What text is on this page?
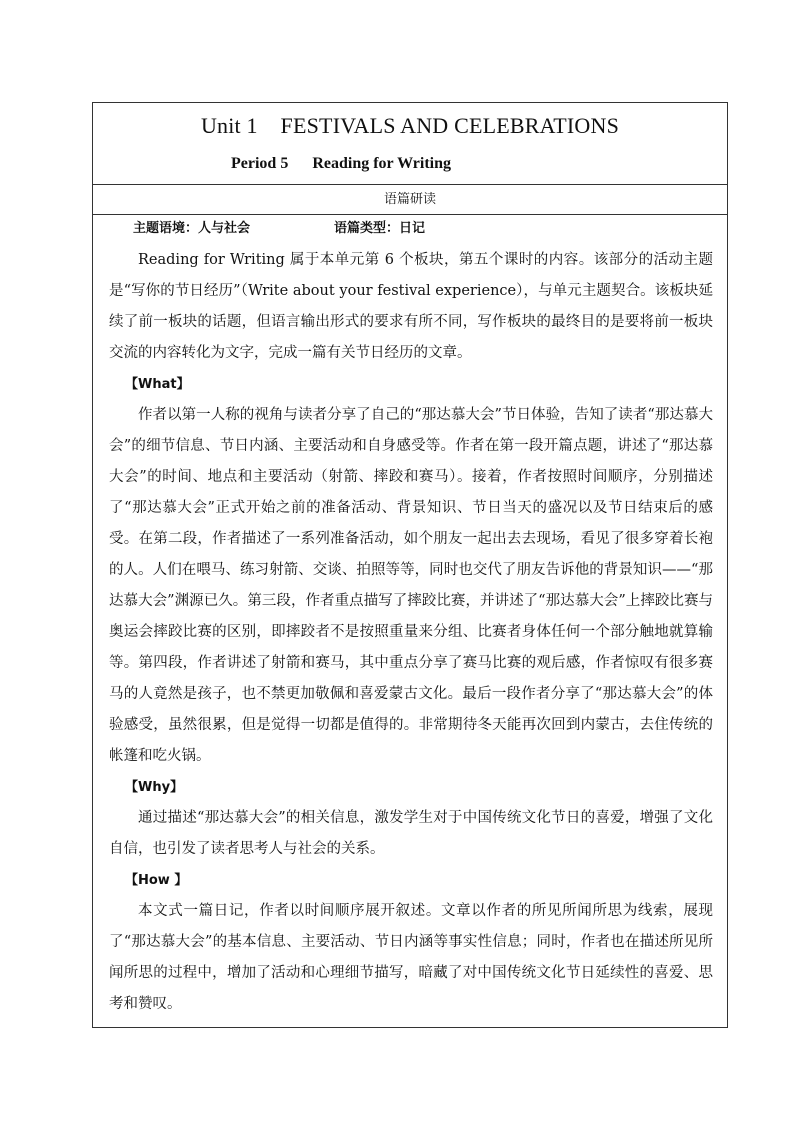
Unit 1    FESTIVALS AND CELEBRATIONS
Period 5      Reading for Writing
语篇研读
主题语境：人与社会	语篇类型：日记

Reading for Writing 属于本单元第 6 个板块，第五个课时的内容。该部分的活动主题是“写你的节日经历”（Write about your festival experience），与单元主题契合。该板块延续了前一板块的话题，但语言输出形式的要求有所不同，写作板块的最终目的是要将前一板块交流的内容转化为文字，完成一篇有关节日经历的文章。

【What】

作者以第一人称的视角与读者分享了自己的“那达慕大会”节日体验，告知了读者“那达慕大会”的细节信息、节日内涵、主要活动和自身感受等。作者在第一段开篇点题，讲述了“那达慕大会”的时间、地点和主要活动（射箭、摔跤和赛马）。接着，作者按照时间顺序，分别描述了“那达慕大会”正式开始之前的准备活动、背景知识、节日当天的盛况以及节日结束后的感受。在第二段，作者描述了一系列准备活动，如个朋友一起出去去现场，看见了很多穿着长袍的人。人们在喂马、练习射箭、交谈、拍照等等，同时也交代了朋友告诉他的背景知识——“那达慕大会”渊源已久。第三段，作者重点描写了摔跤比赛，并讲述了“那达慕大会”上摔跤比赛与奥运会摔跤比赛的区别，即摔跤者不是按照重量来分组、比赛者身体任何一个部分触地就算输等。第四段，作者讲述了射箭和赛马，其中重点分享了赛马比赛的观后感，作者惊叹有很多赛马的人竟然是孩子，也不禁更加敬佩和喜爱蒙古文化。最后一段作者分享了“那达慕大会”的体验感受，虽然很累，但是觉得一切都是值得的。非常期待冬天能再次回到内蒙古，去住传统的帐篷和吃火锅。

【Why】

通过描述“那达慕大会”的相关信息，激发学生对于中国传统文化节日的喜爱，增强了文化自信，也引发了读者思考人与社会的关系。

【How 】

本文式一篇日记，作者以时间顺序展开叙述。文章以作者的所见所闻所思为线索，展现了“那达慕大会”的基本信息、主要活动、节日内涵等事实性信息；同时，作者也在描述所见所闻所思的过程中，增加了活动和心理细节描写，暗藏了对中国传统文化节日延续性的喜爱、思考和赞叹。
